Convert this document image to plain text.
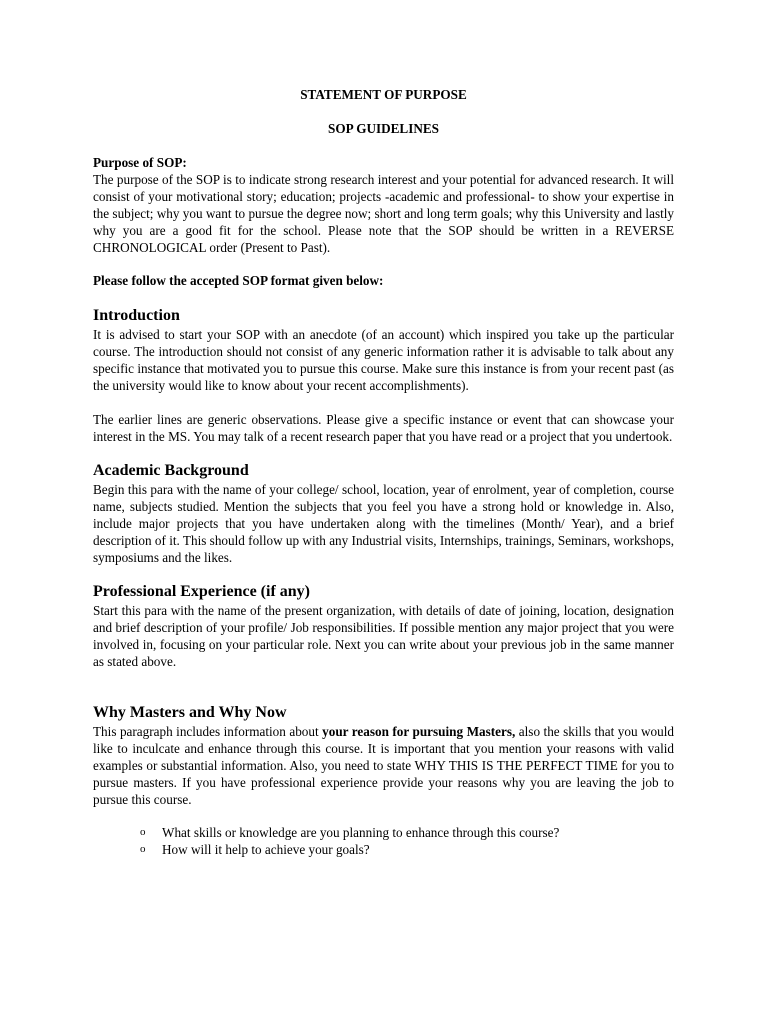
STATEMENT OF PURPOSE

SOP GUIDELINES

Purpose of SOP:

The purpose of the SOP is to indicate strong research interest and your potential for advanced research. It will consist of your motivational story; education; projects -academic and professional- to show your expertise in the subject; why you want to pursue the degree now; short and long term goals; why this University and lastly why you are a good fit for the school. Please note that the SOP should be written in a REVERSE CHRONOLOGICAL order (Present to Past).

Please follow the accepted SOP format given below:

Introduction

It is advised to start your SOP with an anecdote (of an account) which inspired you take up the particular course. The introduction should not consist of any generic information rather it is advisable to talk about any specific instance that motivated you to pursue this course. Make sure this instance is from your recent past (as the university would like to know about your recent accomplishments).

The earlier lines are generic observations. Please give a specific instance or event that can showcase your interest in the MS. You may talk of a recent research paper that you have read or a project that you undertook.

Academic Background

Begin this para with the name of your college/ school, location, year of enrolment, year of completion, course name, subjects studied. Mention the subjects that you feel you have a strong hold or knowledge in. Also, include major projects that you have undertaken along with the timelines (Month/ Year), and a brief description of it. This should follow up with any Industrial visits, Internships, trainings, Seminars, workshops, symposiums and the likes.

Professional Experience (if any)

Start this para with the name of the present organization, with details of date of joining, location, designation and brief description of your profile/ Job responsibilities. If possible mention any major project that you were involved in, focusing on your particular role. Next you can write about your previous job in the same manner as stated above.

Why Masters and Why Now

This paragraph includes information about your reason for pursuing Masters, also the skills that you would like to inculcate and enhance through this course. It is important that you mention your reasons with valid examples or substantial information. Also, you need to state WHY THIS IS THE PERFECT TIME for you to pursue masters. If you have professional experience provide your reasons why you are leaving the job to pursue this course.

o What skills or knowledge are you planning to enhance through this course?
o How will it help to achieve your goals?
